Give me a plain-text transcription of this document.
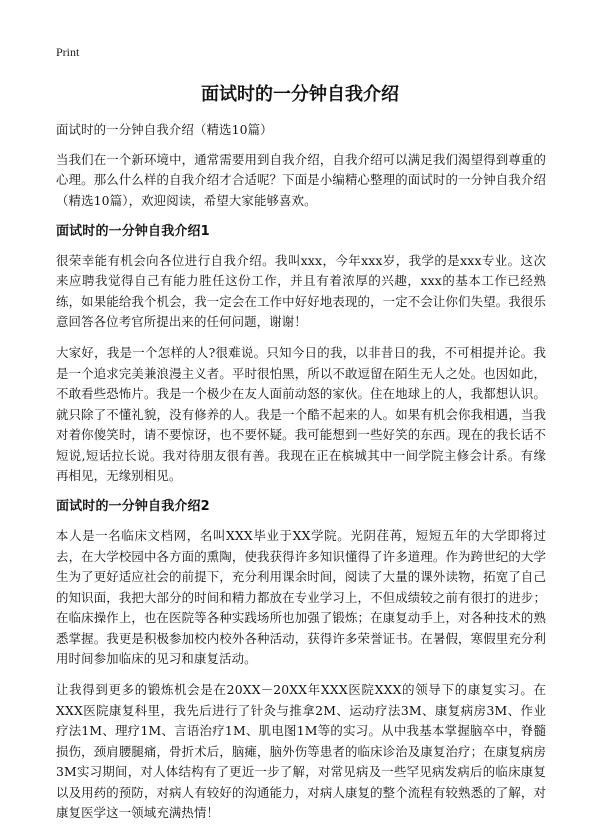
Print
面试时的一分钟自我介绍

面试时的一分钟自我介绍（精选10篇）

当我们在一个新环境中，通常需要用到自我介绍，自我介绍可以满足我们渴望得到尊重的心理。那么什么样的自我介绍才合适呢？下面是小编精心整理的面试时的一分钟自我介绍（精选10篇），欢迎阅读，希望大家能够喜欢。

面试时的一分钟自我介绍1

很荣幸能有机会向各位进行自我介绍。我叫xxx，今年xxx岁，我学的是xxx专业。这次来应聘我觉得自己有能力胜任这份工作，并且有着浓厚的兴趣，xxx的基本工作已经熟练，如果能给我个机会，我一定会在工作中好好地表现的，一定不会让你们失望。我很乐意回答各位考官所提出来的任何问题，谢谢！

大家好，我是一个怎样的人?很难说。只知今日的我，以非昔日的我，不可相提并论。我是一个追求完美兼浪漫主义者。平时很怕黑，所以不敢逗留在陌生无人之处。也因如此，不敢看些恐怖片。我是一个极少在友人面前动怒的家伙。住在地球上的人，我都想认识。就只除了不懂礼貌，没有修养的人。我是一个酷不起来的人。如果有机会你我相遇，当我对着你傻笑时，请不要惊讶，也不要怀疑。我可能想到一些好笑的东西。现在的我长话不短说,短话拉长说。我对待朋友很有善。我现在正在槟城其中一间学院主修会计系。有缘再相见，无缘别相见。

面试时的一分钟自我介绍2

本人是一名临床文档网，名叫XXX毕业于XX学院。光阴荏苒，短短五年的大学即将过去，在大学校园中各方面的熏陶，使我获得许多知识懂得了许多道理。作为跨世纪的大学生为了更好适应社会的前提下，充分利用课余时间，阅读了大量的课外读物，拓宽了自己的知识面，我把大部分的时间和精力都放在专业学习上，不但成绩较之前有很打的进步；在临床操作上，也在医院等各种实践场所也加强了锻炼；在康复动手上，对各种技术的熟悉掌握。我更是积极参加校内校外各种活动，获得许多荣誉证书。在暑假，寒假里充分利用时间参加临床的见习和康复活动。

让我得到更多的锻炼机会是在20XX－20XX年XXX医院XXX的领导下的康复实习。在XXX医院康复科里，我先后进行了针灸与推拿2M、运动疗法3M、康复病房3M、作业疗法1M、理疗1M、言语治疗1M、肌电图1M等的实习。从中我基本掌握脑卒中，脊髓损伤，颈肩腰腿痛，骨折术后，脑瘫，脑外伤等患者的临床诊治及康复治疗；在康复病房3M实习期间，对人体结构有了更近一步了解，对常见病及一些罕见病发病后的临床康复以及用药的预防，对病人有较好的沟通能力，对病人康复的整个流程有较熟悉的了解，对康复医学这一领域充满热情！
